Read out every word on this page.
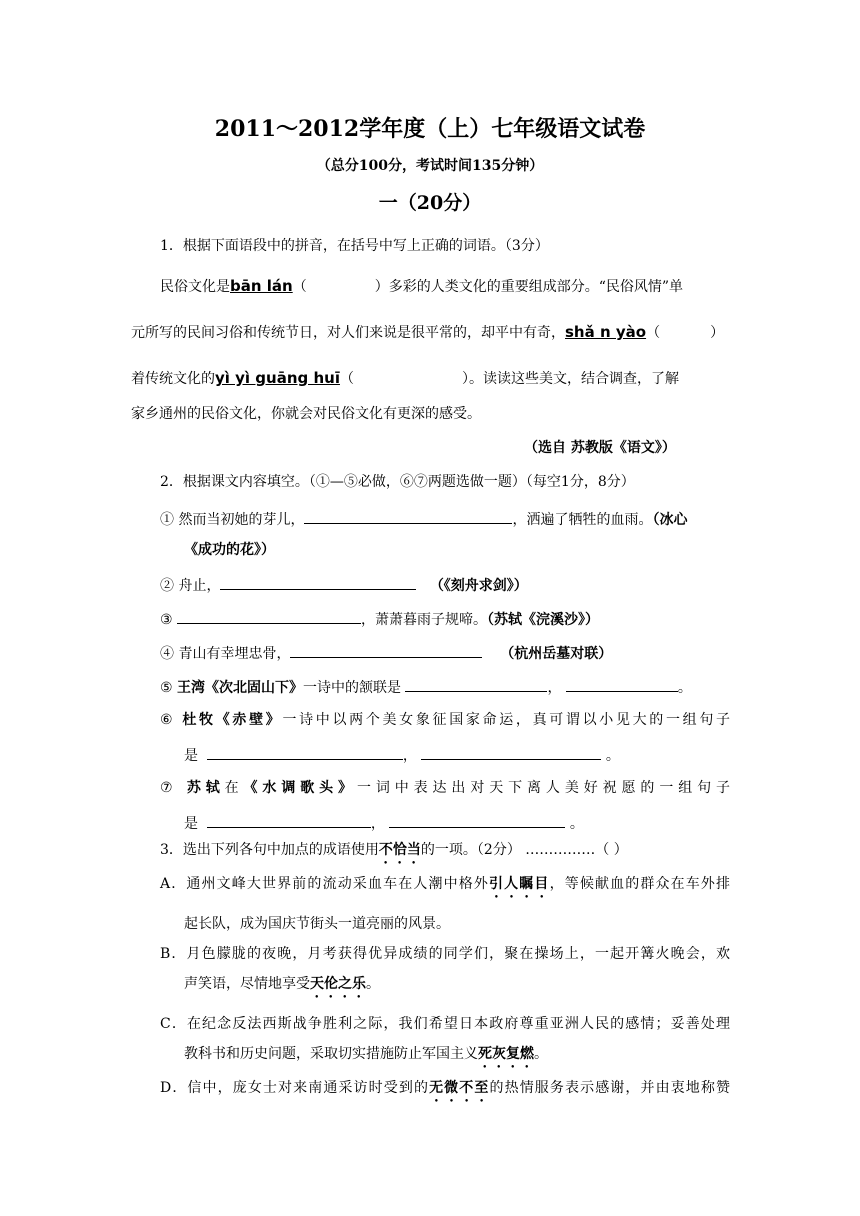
2011～2012学年度（上）七年级语文试卷
（总分100分，考试时间135分钟）
一（20分）
1．根据下面语段中的拼音，在括号中写上正确的词语。（3分）
民俗文化是bān lán（	）多彩的人类文化的重要组成部分。“民俗风情”单
元所写的民间习俗和传统节日，对人们来说是很平常的，却平中有奇，shǎ n yào（	）
着传统文化的yì yì guāng huī（	）。读读这些美文，结合调查，了解
家乡通州的民俗文化，你就会对民俗文化有更深的感受。
（选自 苏教版《语文》）
2．根据课文内容填空。（①—⑤必做，⑥⑦两题选做一题）（每空1分，8分）
① 然而当初她的芽儿，	，洒遍了牺牲的血雨。（冰心
《成功的花》）
② 舟止，	（《刻舟求剑》）
③	，萧萧暮雨子规啼。（苏轼《浣溪沙》）
④ 青山有幸埋忠骨，	（杭州岳墓对联）
⑤ 王湾《次北固山下》一诗中的颔联是	，	。
⑥ 杜牧《赤壁》一诗中以两个美女象征国家命运，真可谓以小见大的一组句子
是	，	。
⑦ 苏轼在《水调歌头》一词中表达出对天下离人美好祝愿的一组句子
是	，	。
3．选出下列各句中加点的成语使用不恰当的一项。（2分） ……………（ ）
A．通州文峰大世界前的流动采血车在人潮中格外引人瞩目，等候献血的群众在车外排
起长队，成为国庆节街头一道亮丽的风景。
B．月色朦胧的夜晚，月考获得优异成绩的同学们，聚在操场上，一起开篝火晚会，欢
声笑语，尽情地享受天伦之乐。
C．在纪念反法西斯战争胜利之际，我们希望日本政府尊重亚洲人民的感情；妥善处理
教科书和历史问题，采取切实措施防止军国主义死灰复燃。
D．信中，庞女士对来南通采访时受到的无微不至的热情服务表示感谢，并由衷地称赞
